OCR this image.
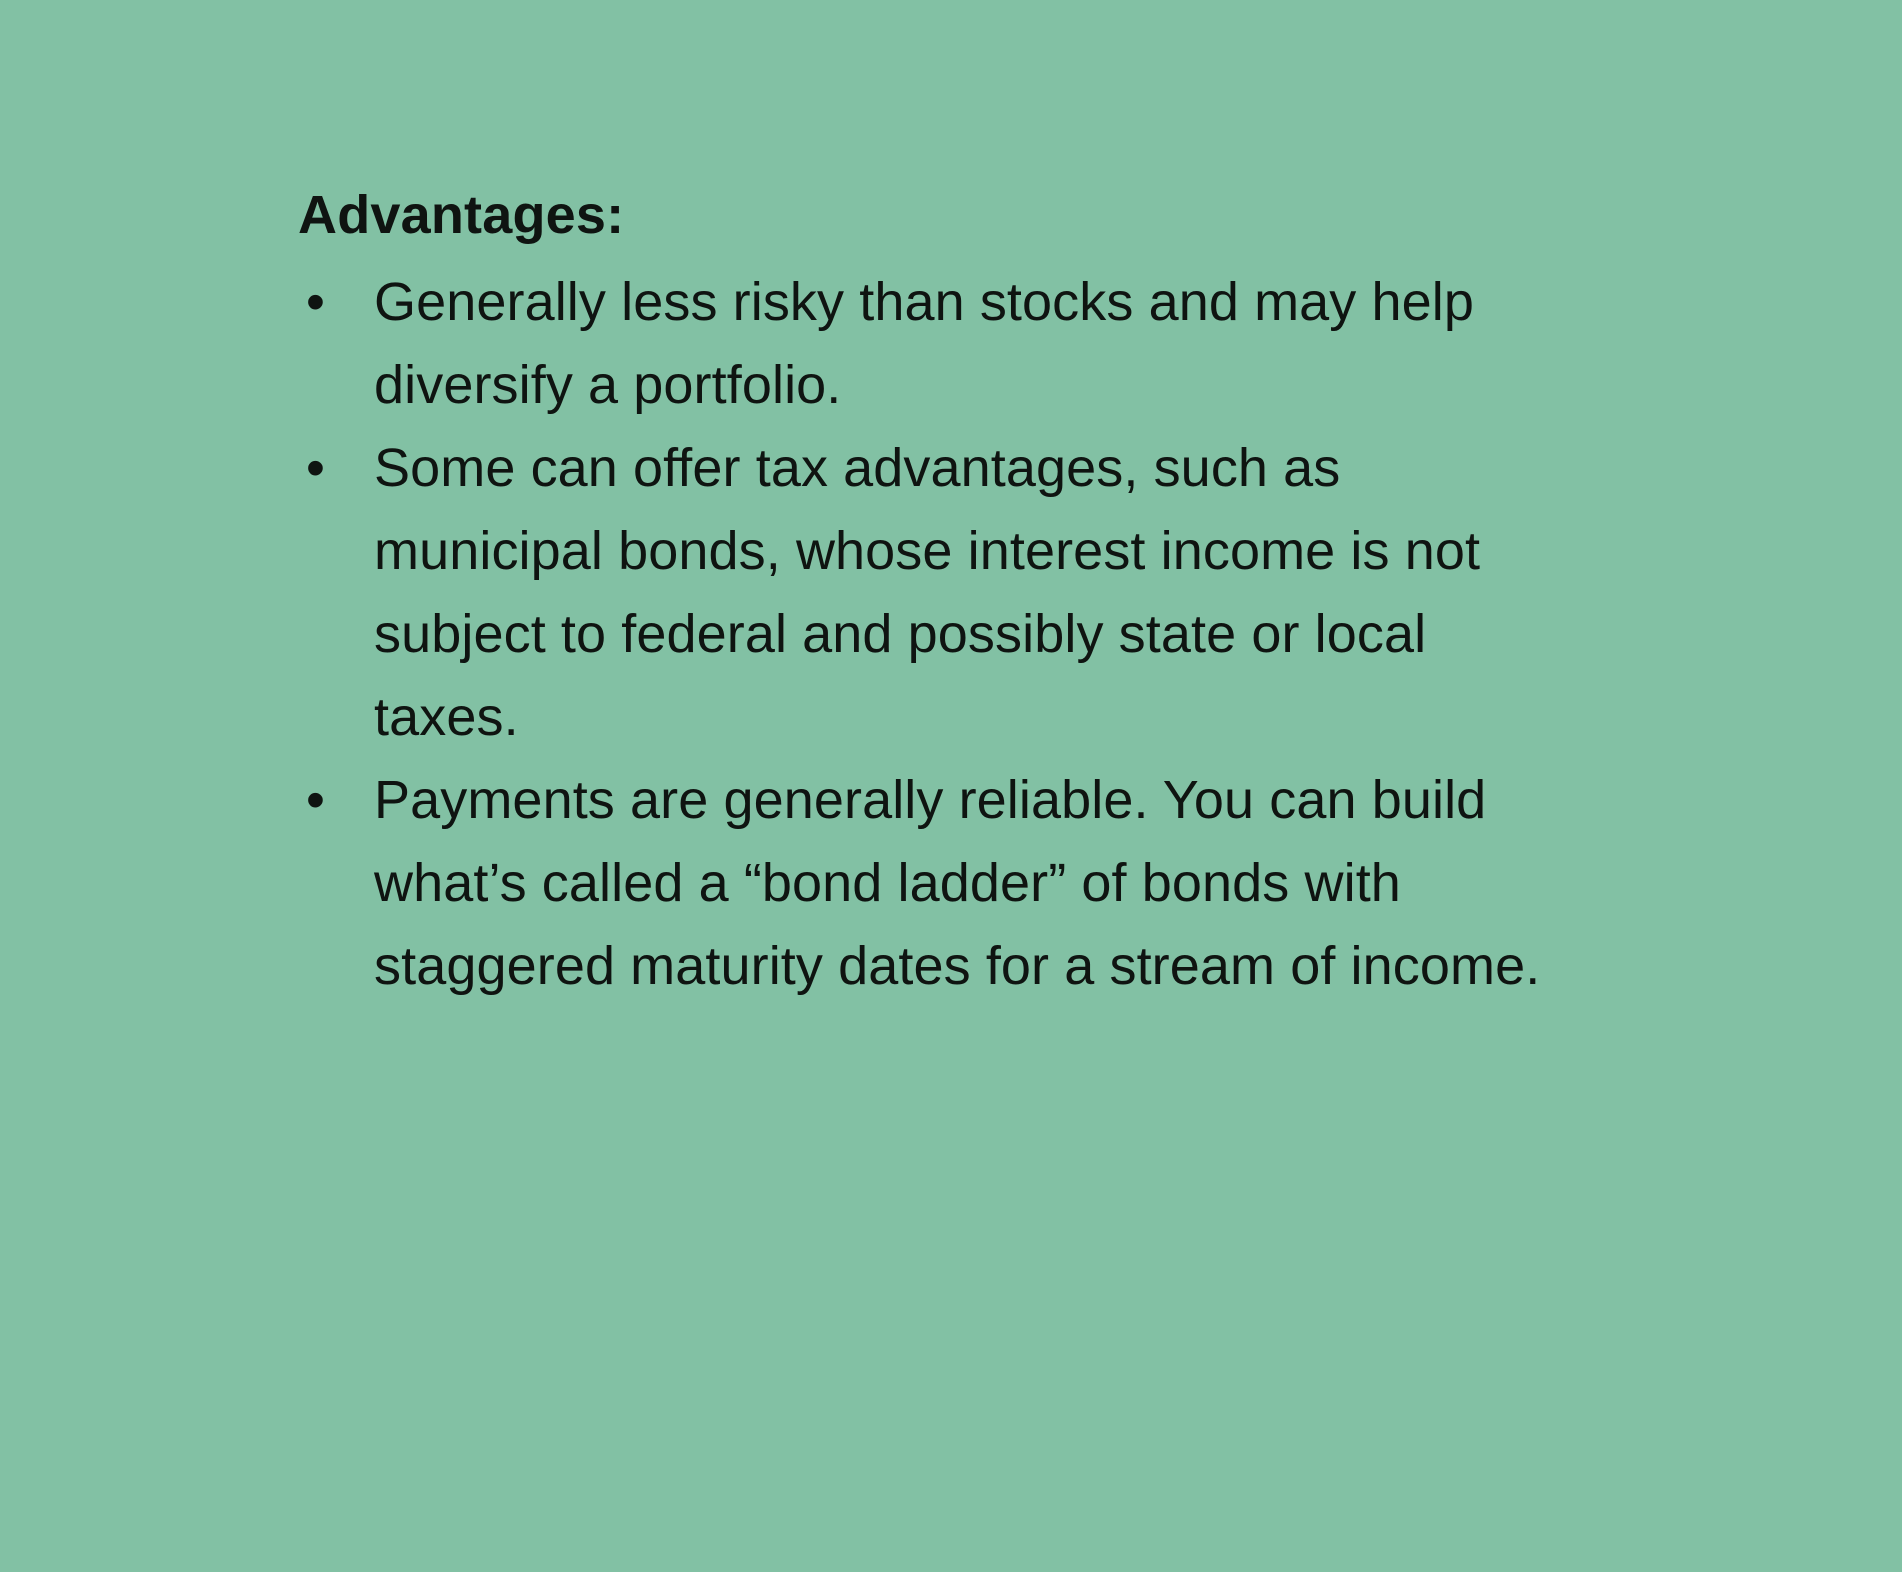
Advantages:
• Generally less risky than stocks and may help diversify a portfolio.
• Some can offer tax advantages, such as municipal bonds, whose interest income is not subject to federal and possibly state or local taxes.
• Payments are generally reliable. You can build what’s called a “bond ladder” of bonds with staggered maturity dates for a stream of income.
